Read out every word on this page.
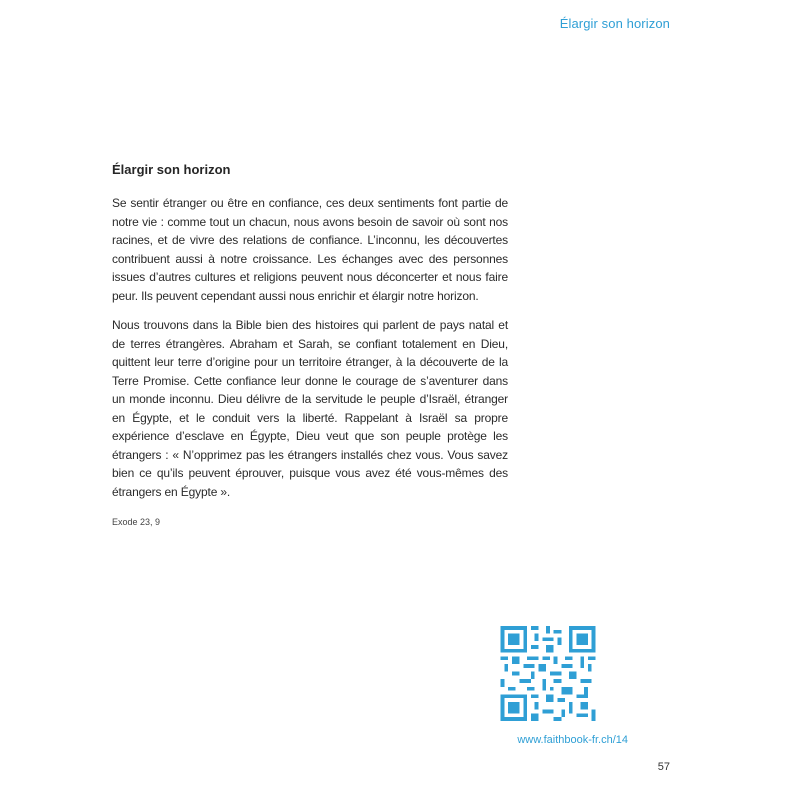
Élargir son horizon
Élargir son horizon

Se sentir étranger ou être en confiance, ces deux sentiments font partie de notre vie : comme tout un chacun, nous avons besoin de savoir où sont nos racines, et de vivre des relations de confiance. L’inconnu, les découvertes contribuent aussi à notre croissance. Les échanges avec des personnes issues d’autres cultures et religions peuvent nous déconcerter et nous faire peur. Ils peuvent cependant aussi nous enrichir et élargir notre horizon.

Nous trouvons dans la Bible bien des histoires qui parlent de pays natal et de terres étrangères. Abraham et Sarah, se confiant totalement en Dieu, quittent leur terre d’origine pour un territoire étranger, à la découverte de la Terre Promise. Cette confiance leur donne le courage de s’aventurer dans un monde inconnu. Dieu délivre de la servitude le peuple d’Israël, étranger en Égypte, et le conduit vers la liberté. Rappelant à Israël sa propre expérience d’esclave en Égypte, Dieu veut que son peuple protège les étrangers : « N’opprimez pas les étrangers installés chez vous. Vous savez bien ce qu’ils peuvent éprouver, puisque vous avez été vous-mêmes des étrangers en Égypte ».

Exode 23, 9
www.faithbook-fr.ch/14
57
